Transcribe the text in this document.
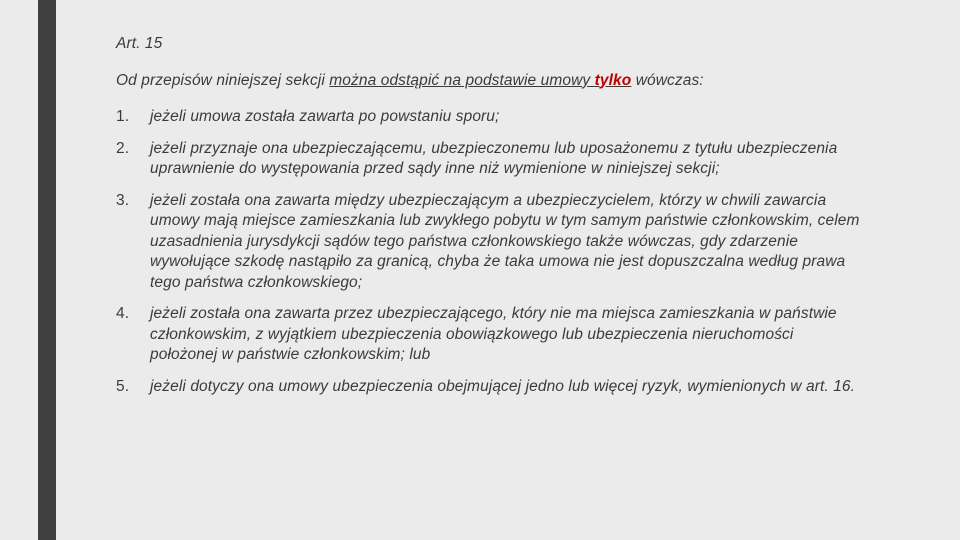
Art. 15

Od przepisów niniejszej sekcji można odstąpić na podstawie umowy tylko wówczas:

1.	jeżeli umowa została zawarta po powstaniu sporu;
2.	jeżeli przyznaje ona ubezpieczającemu, ubezpieczonemu lub uposażonemu z tytułu ubezpieczenia uprawnienie do występowania przed sądy inne niż wymienione w niniejszej sekcji;
3.	jeżeli została ona zawarta między ubezpieczającym a ubezpieczycielem, którzy w chwili zawarcia umowy mają miejsce zamieszkania lub zwykłego pobytu w tym samym państwie członkowskim, celem uzasadnienia jurysdykcji sądów tego państwa członkowskiego także wówczas, gdy zdarzenie wywołujące szkodę nastąpiło za granicą, chyba że taka umowa nie jest dopuszczalna według prawa tego państwa członkowskiego;
4.	jeżeli została ona zawarta przez ubezpieczającego, który nie ma miejsca zamieszkania w państwie członkowskim, z wyjątkiem ubezpieczenia obowiązkowego lub ubezpieczenia nieruchomości położonej w państwie członkowskim; lub
5.	jeżeli dotyczy ona umowy ubezpieczenia obejmującej jedno lub więcej ryzyk, wymienionych w art. 16.
